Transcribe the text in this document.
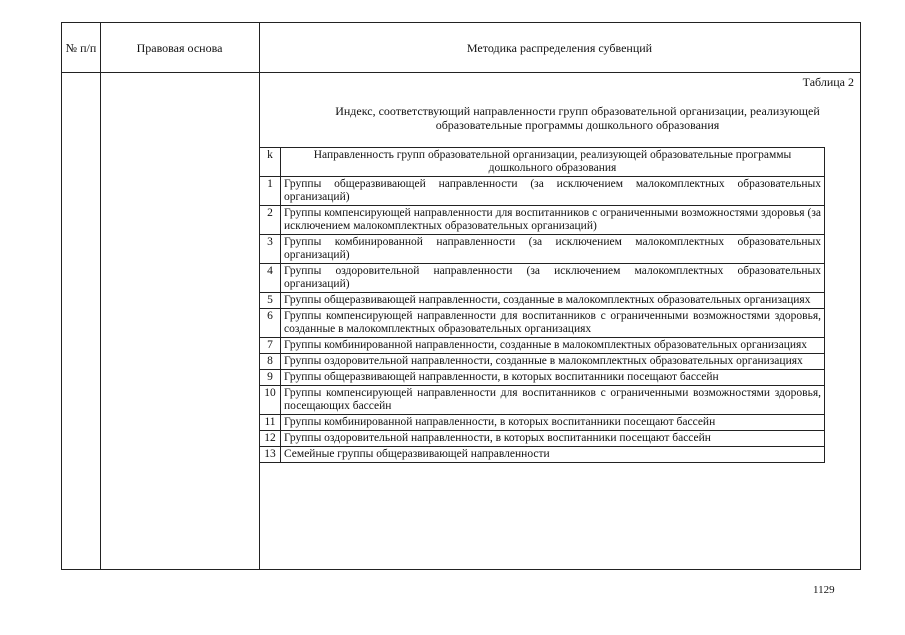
№ п/п	Правовая основа	Методика распределения субвенций
Таблица 2
Индекс, соответствующий направленности групп образовательной организации, реализующей образовательные программы дошкольного образования
k	Направленность групп образовательной организации, реализующей образовательные программы дошкольного образования
1	Группы общеразвивающей направленности (за исключением малокомплектных образовательных организаций)
2	Группы компенсирующей направленности для воспитанников с ограниченными возможностями здоровья (за исключением малокомплектных образовательных организаций)
3	Группы комбинированной направленности (за исключением малокомплектных образовательных организаций)
4	Группы оздоровительной направленности (за исключением малокомплектных образовательных организаций)
5	Группы общеразвивающей направленности, созданные в малокомплектных образовательных организациях
6	Группы компенсирующей направленности для воспитанников с ограниченными возможностями здоровья, созданные в малокомплектных образовательных организациях
7	Группы комбинированной направленности, созданные в малокомплектных образовательных организациях
8	Группы оздоровительной направленности, созданные в малокомплектных образовательных организациях
9	Группы общеразвивающей направленности, в которых воспитанники посещают бассейн
10	Группы компенсирующей направленности для воспитанников с ограниченными возможностями здоровья, посещающих бассейн
11	Группы комбинированной направленности, в которых воспитанники посещают бассейн
12	Группы оздоровительной направленности, в которых воспитанники посещают бассейн
13	Семейные группы общеразвивающей направленности
1129
